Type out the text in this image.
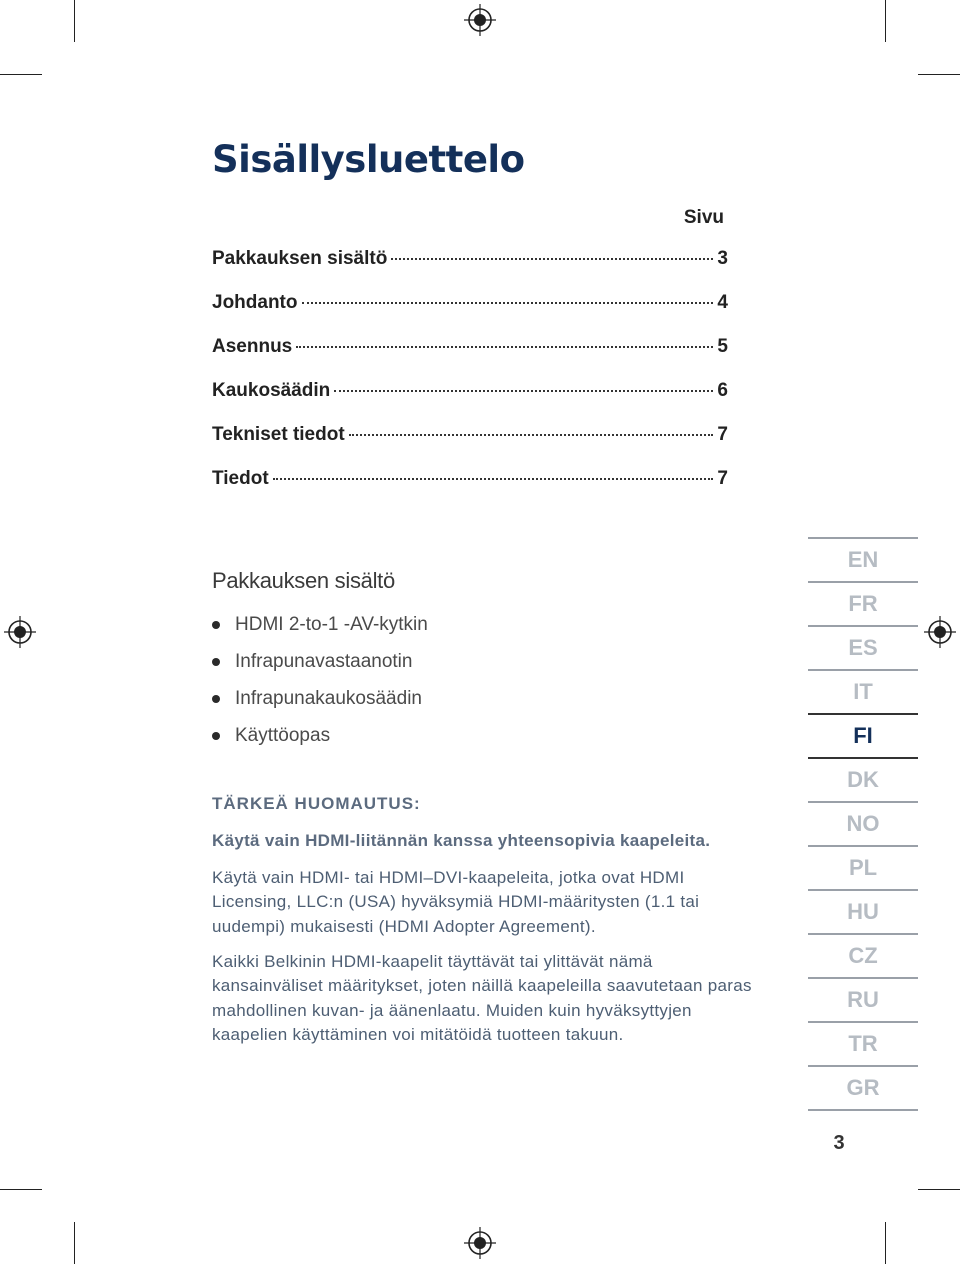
Sisällysluettelo
Sivu
Pakkauksen sisältö	3
Johdanto	4
Asennus	5
Kaukosäädin	6
Tekniset tiedot	7
Tiedot	7
Pakkauksen sisältö
HDMI 2-to-1 -AV-kytkin
Infrapunavastaanotin
Infrapunakaukosäädin
Käyttöopas
TÄRKEÄ HUOMAUTUS:
Käytä vain HDMI-liitännän kanssa yhteensopivia kaapeleita.

Käytä vain HDMI- tai HDMI–DVI-kaapeleita, jotka ovat HDMI Licensing, LLC:n (USA) hyväksymiä HDMI-määritysten (1.1 tai uudempi) mukaisesti (HDMI Adopter Agreement).

Kaikki Belkinin HDMI-kaapelit täyttävät tai ylittävät nämä kansainväliset määritykset, joten näillä kaapeleilla saavutetaan paras mahdollinen kuvan- ja äänenlaatu. Muiden kuin hyväksyttyjen kaapelien käyttäminen voi mitätöidä tuotteen takuun.

EN
FR
ES
IT
FI
DK
NO
PL
HU
CZ
RU
TR
GR
3
